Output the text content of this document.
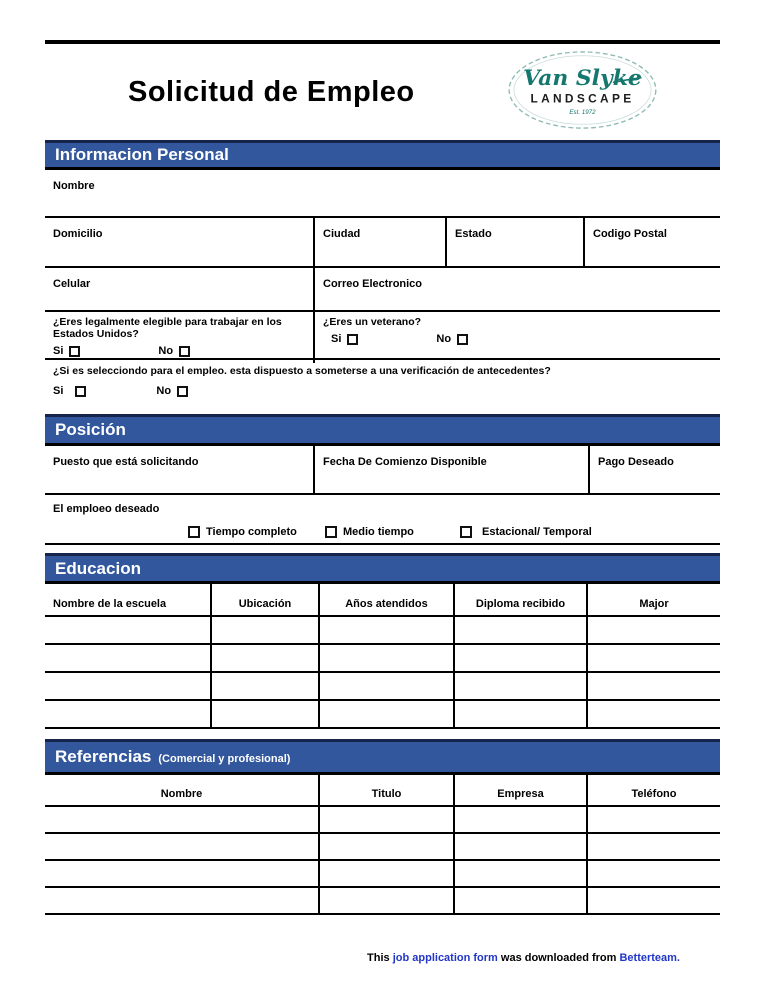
Solicitud de Empleo	Van Slyke
LANDSCAPE
Est. 1972
Informacion Personal
Nombre
Domicilio	Ciudad	Estado	Codigo Postal
Celular	Correo Electronico
¿Eres legalmente elegible para trabajar en los Estados Unidos?
Si	No
¿Eres un veterano?
Si	No
¿Si es selecciondo para el empleo. esta dispuesto a someterse a una verificación de antecedentes?
Si	No
Posición
Puesto que está solicitando	Fecha De Comienzo Disponible	Pago Deseado
El emploeo deseado
Tiempo completo	Medio tiempo	Estacional/ Temporal
Educacion
Nombre de la escuela	Ubicación	Años atendidos	Diploma recibido	Major
Referencias (Comercial y profesional)
Nombre	Titulo	Empresa	Teléfono
This job application form was downloaded from Betterteam.
